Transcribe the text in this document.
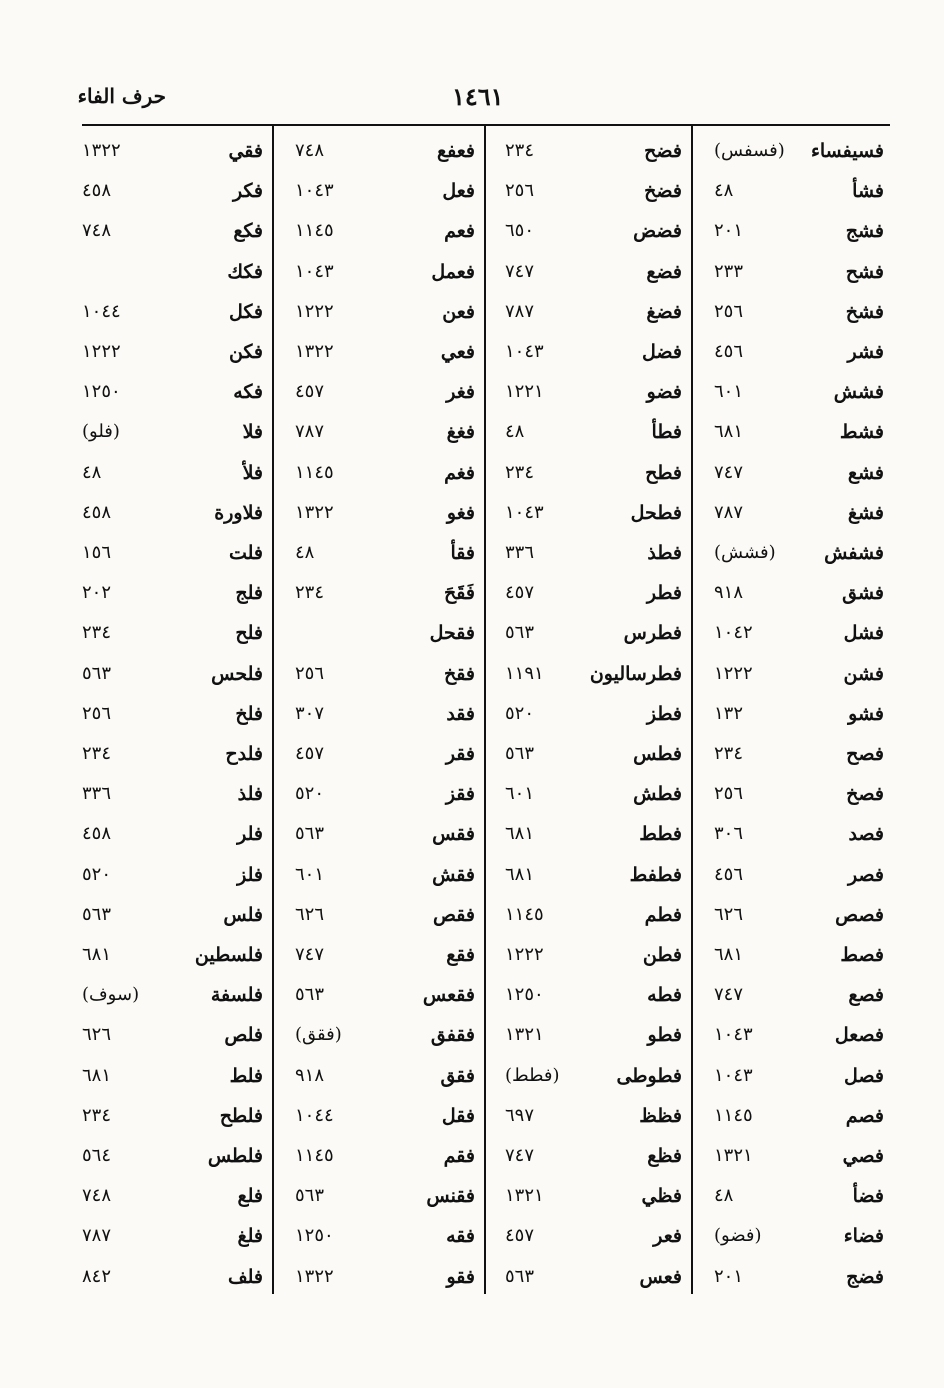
حرف الفاء	١٤٦١
فسيفساء
(فسفس)
فشأ
٤٨
فشج
٢٠١
فشح
٢٣٣
فشخ
٢٥٦
فشر
٤٥٦
فشش
٦٠١
فشط
٦٨١
فشع
٧٤٧
فشغ
٧٨٧
فشفش
(فشش)
فشق
٩١٨
فشل
١٠٤٢
فشن
١٢٢٢
فشو
١٣٢
فصح
٢٣٤
فصخ
٢٥٦
فصد
٣٠٦
فصر
٤٥٦
فصص
٦٢٦
فصط
٦٨١
فصع
٧٤٧
فصعل
١٠٤٣
فصل
١٠٤٣
فصم
١١٤٥
فصي
١٣٢١
فضأ
٤٨
فضاء
(فضو)
فضج
٢٠١
فضح
٢٣٤
فضخ
٢٥٦
فضض
٦٥٠
فضع
٧٤٧
فضغ
٧٨٧
فضل
١٠٤٣
فضو
١٢٢١
فطأ
٤٨
فطح
٢٣٤
فطحل
١٠٤٣
فطذ
٣٣٦
فطر
٤٥٧
فطرس
٥٦٣
فطرساليون
١١٩١
فطز
٥٢٠
فطس
٥٦٣
فطش
٦٠١
فطط
٦٨١
فطفط
٦٨١
فطم
١١٤٥
فطن
١٢٢٢
فطه
١٢٥٠
فطو
١٣٢١
فطوطى
(فطط)
فظظ
٦٩٧
فظع
٧٤٧
فظي
١٣٢١
فعر
٤٥٧
فعس
٥٦٣
فعفع
٧٤٨
فعل
١٠٤٣
فعم
١١٤٥
فعمل
١٠٤٣
فعن
١٢٢٢
فعي
١٣٢٢
فغر
٤٥٧
فغغ
٧٨٧
فغم
١١٤٥
فغو
١٣٢٢
فقأ
٤٨
فَقَحَ
٢٣٤
فقحل
فقخ
٢٥٦
فقد
٣٠٧
فقر
٤٥٧
فقز
٥٢٠
فقس
٥٦٣
فقش
٦٠١
فقص
٦٢٦
فقع
٧٤٧
فقعس
٥٦٣
فقفق
(فقق)
فقق
٩١٨
فقل
١٠٤٤
فقم
١١٤٥
فقنس
٥٦٣
فقه
١٢٥٠
فقو
١٣٢٢
فقي
١٣٢٢
فكر
٤٥٨
فكع
٧٤٨
فكك
فكل
١٠٤٤
فكن
١٢٢٢
فكه
١٢٥٠
فلا
(فلو)
فلأ
٤٨
فلاورة
٤٥٨
فلت
١٥٦
فلج
٢٠٢
فلح
٢٣٤
فلحس
٥٦٣
فلخ
٢٥٦
فلدح
٢٣٤
فلذ
٣٣٦
فلر
٤٥٨
فلز
٥٢٠
فلس
٥٦٣
فلسطين
٦٨١
فلسفة
(سوف)
فلص
٦٢٦
فلط
٦٨١
فلطح
٢٣٤
فلطس
٥٦٤
فلع
٧٤٨
فلغ
٧٨٧
فلف
٨٤٢
